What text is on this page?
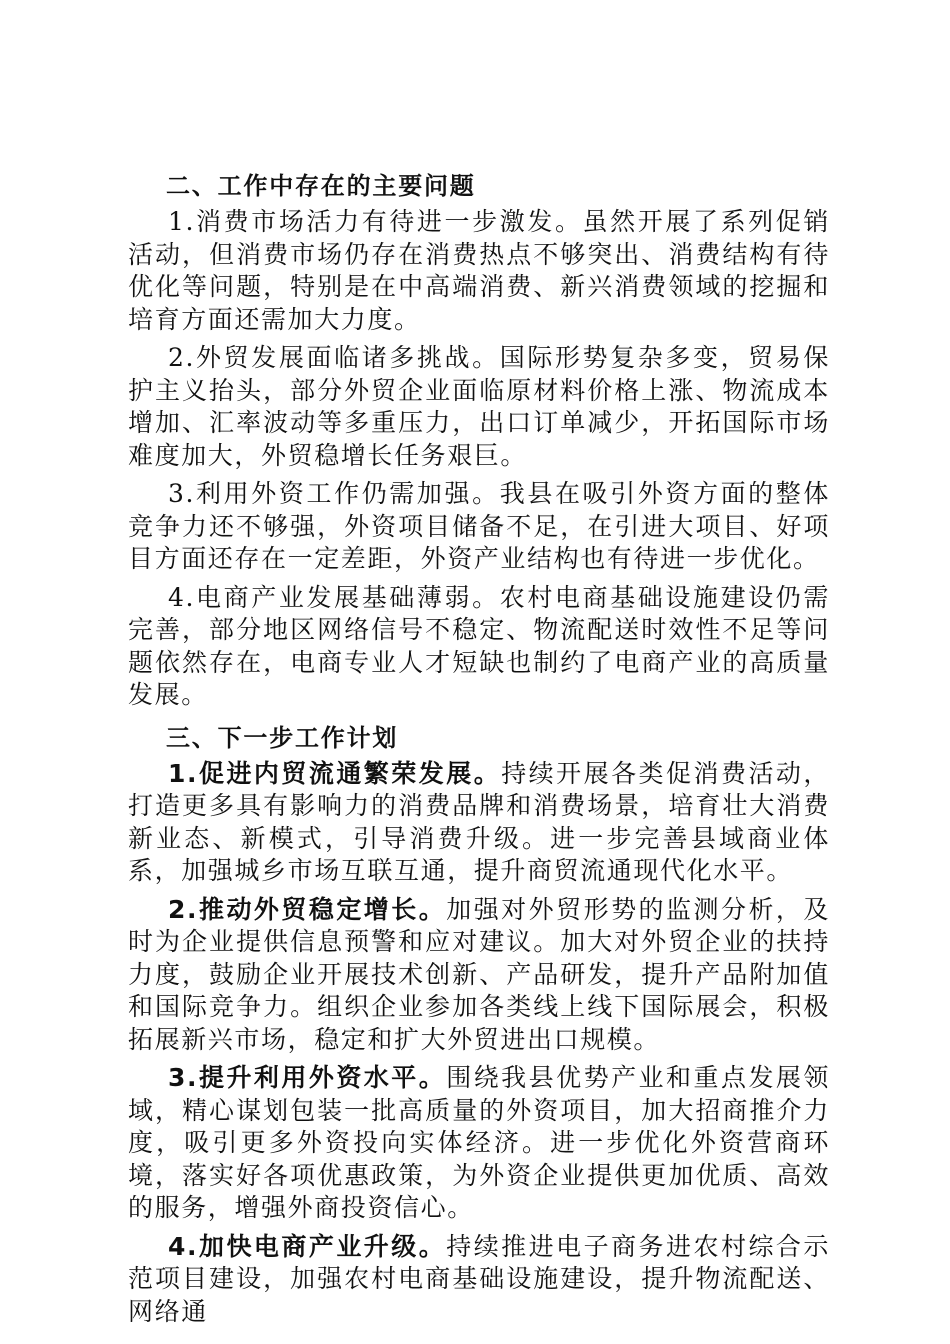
二、工作中存在的主要问题

1.消费市场活力有待进一步激发。虽然开展了系列促销活动，但消费市场仍存在消费热点不够突出、消费结构有待优化等问题，特别是在中高端消费、新兴消费领域的挖掘和培育方面还需加大力度。

2.外贸发展面临诸多挑战。国际形势复杂多变，贸易保护主义抬头，部分外贸企业面临原材料价格上涨、物流成本增加、汇率波动等多重压力，出口订单减少，开拓国际市场难度加大，外贸稳增长任务艰巨。

3.利用外资工作仍需加强。我县在吸引外资方面的整体竞争力还不够强，外资项目储备不足，在引进大项目、好项目方面还存在一定差距，外资产业结构也有待进一步优化。

4.电商产业发展基础薄弱。农村电商基础设施建设仍需完善，部分地区网络信号不稳定、物流配送时效性不足等问题依然存在，电商专业人才短缺也制约了电商产业的高质量发展。

三、下一步工作计划

1.促进内贸流通繁荣发展。持续开展各类促消费活动，打造更多具有影响力的消费品牌和消费场景，培育壮大消费新业态、新模式，引导消费升级。进一步完善县域商业体系，加强城乡市场互联互通，提升商贸流通现代化水平。

2.推动外贸稳定增长。加强对外贸形势的监测分析，及时为企业提供信息预警和应对建议。加大对外贸企业的扶持力度，鼓励企业开展技术创新、产品研发，提升产品附加值和国际竞争力。组织企业参加各类线上线下国际展会，积极拓展新兴市场，稳定和扩大外贸进出口规模。

3.提升利用外资水平。围绕我县优势产业和重点发展领域，精心谋划包装一批高质量的外资项目，加大招商推介力度，吸引更多外资投向实体经济。进一步优化外资营商环境，落实好各项优惠政策，为外资企业提供更加优质、高效的服务，增强外商投资信心。

4.加快电商产业升级。持续推进电子商务进农村综合示范项目建设，加强农村电商基础设施建设，提升物流配送、网络通
